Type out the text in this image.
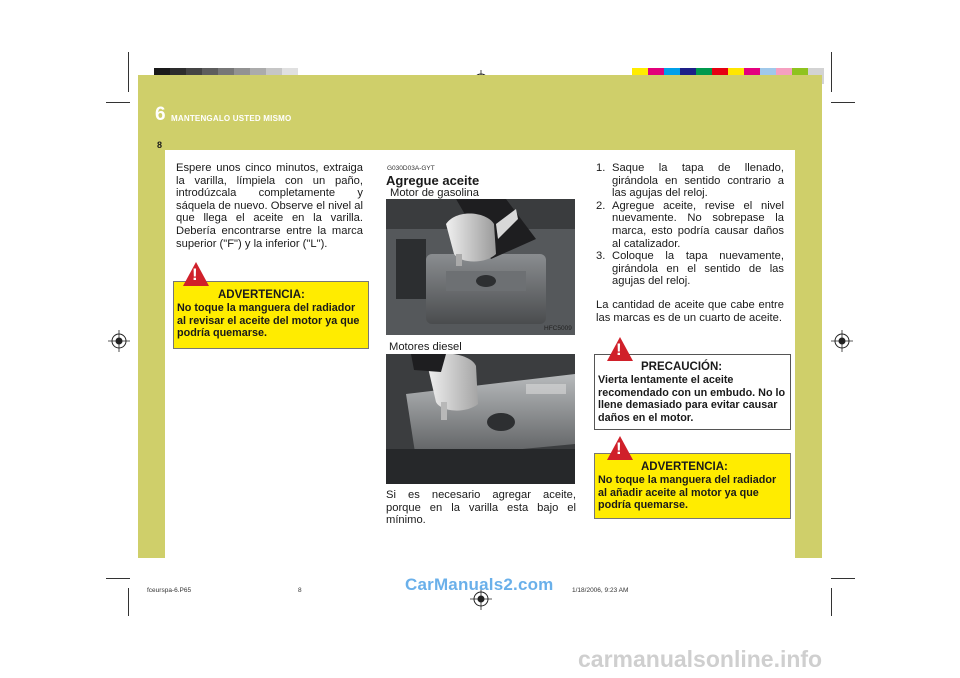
6 MANTENGALO USTED MISMO
8
Espere unos cinco minutos, extraiga la varilla, límpiela con un paño, introdúzcala completamente y sáquela de nuevo. Observe el nivel al que llega el aceite en la varilla. Debería encontrarse entre la marca superior ("F") y la inferior ("L").
!
ADVERTENCIA:
No toque la manguera del radiador al revisar el aceite del motor ya que podría quemarse.
G030D03A-GYT
Agregue aceite
Motor de gasolina
HFC5009
Motores diesel
Si es necesario agregar aceite, porque en la varilla esta bajo el mínimo.
1. Saque la tapa de llenado, girándola en sentido contrario a las agujas del reloj.
2. Agregue aceite, revise el nivel nuevamente. No sobrepase la marca, esto podría causar daños al catalizador.
3. Coloque la tapa nuevamente, girándola en el sentido de las agujas del reloj.
La cantidad de aceite que cabe entre las marcas es de un cuarto de aceite.
!
PRECAUCIÓN:
Vierta lentamente el aceite recomendado con un embudo. No lo llene demasiado para evitar causar daños en el motor.
!
ADVERTENCIA:
No toque la manguera del radiador al añadir aceite al motor ya que podría quemarse.
fceurspa-6.P65	8	1/18/2006, 9:23 AM
CarManuals2.com
carmanualsonline.info
